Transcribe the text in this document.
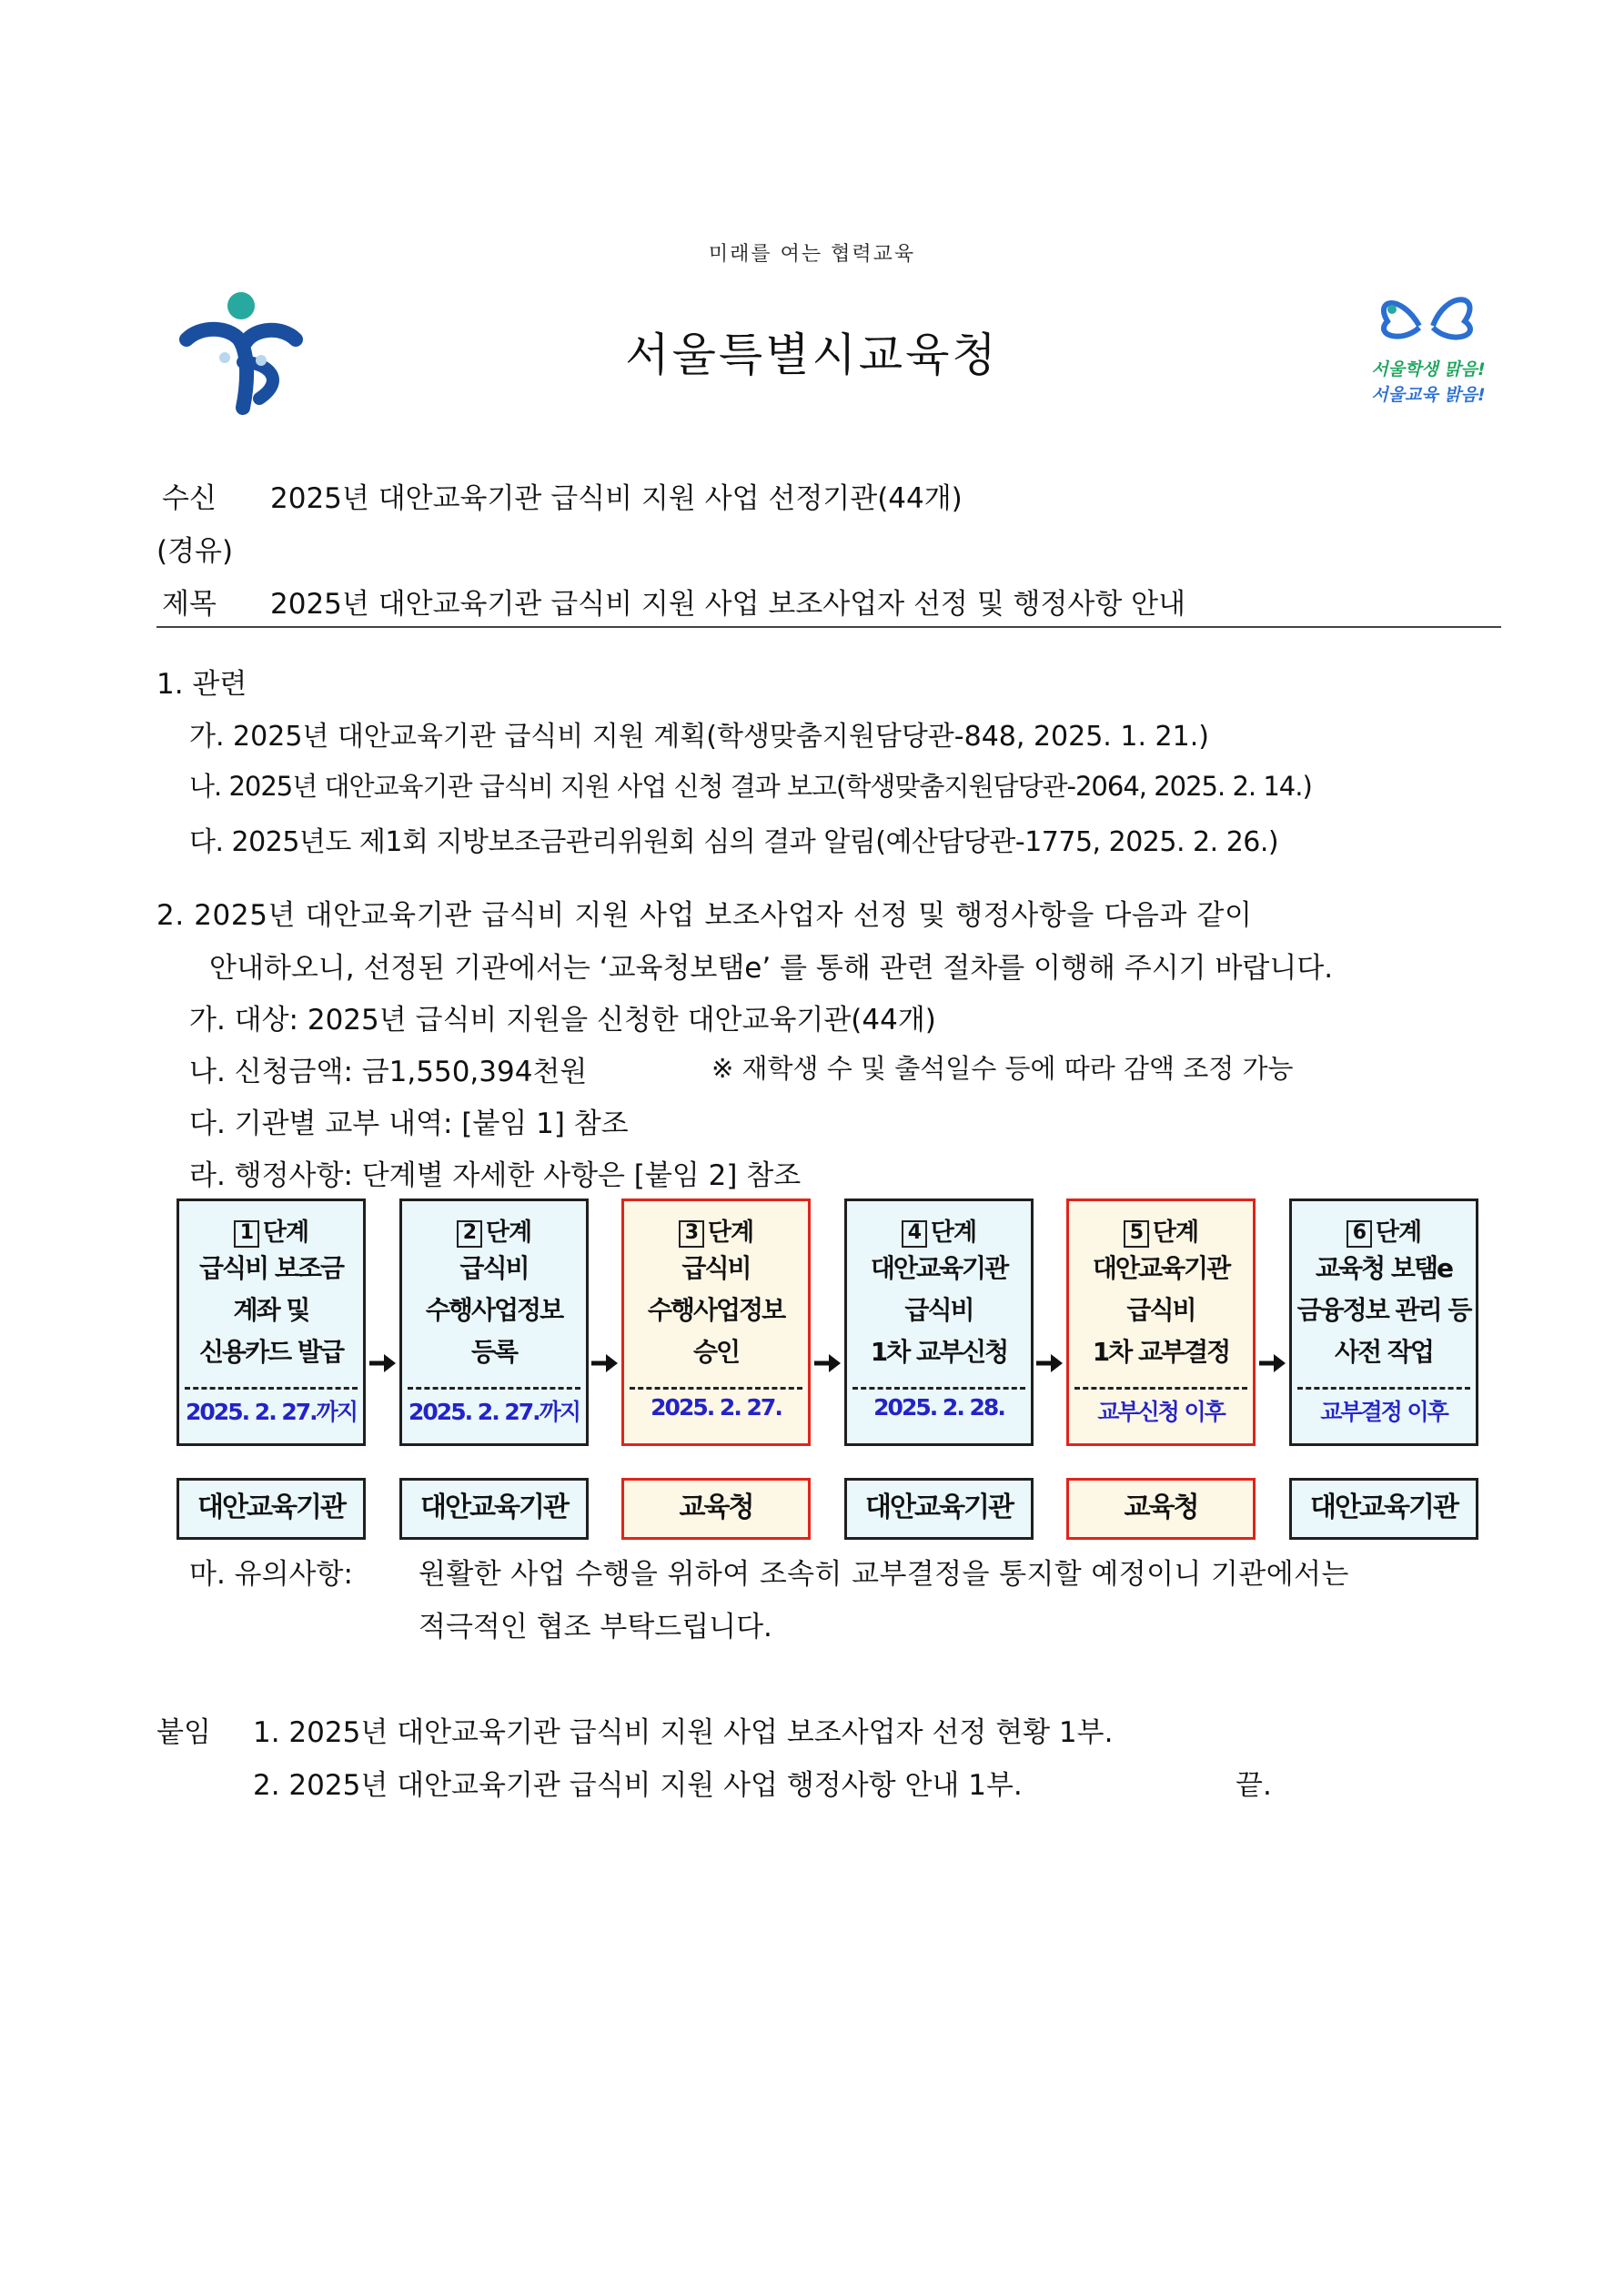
미래를 여는 협력교육
서울특별시교육청	서울학생 맑음!
서울교육 밝음!
수신 2025년 대안교육기관 급식비 지원 사업 선정기관(44개)
(경유)
제목 2025년 대안교육기관 급식비 지원 사업 보조사업자 선정 및 행정사항 안내
1. 관련
가. 2025년 대안교육기관 급식비 지원 계획(학생맞춤지원담당관-848, 2025. 1. 21.)
나. 2025년 대안교육기관 급식비 지원 사업 신청 결과 보고(학생맞춤지원담당관-2064, 2025. 2. 14.)
다. 2025년도 제1회 지방보조금관리위원회 심의 결과 알림(예산담당관-1775, 2025. 2. 26.)
2. 2025년 대안교육기관 급식비 지원 사업 보조사업자 선정 및 행정사항을 다음과 같이
안내하오니, 선정된 기관에서는 ‘교육청보탬e’ 를 통해 관련 절차를 이행해 주시기 바랍니다.
가. 대상: 2025년 급식비 지원을 신청한 대안교육기관(44개)
나. 신청금액: 금1,550,394천원	※ 재학생 수 및 출석일수 등에 따라 감액 조정 가능
다. 기관별 교부 내역: [붙임 1] 참조
라. 행정사항: 단계별 자세한 사항은 [붙임 2] 참조
1 단계
급식비 보조금
계좌 및
신용카드 발급
2025. 2. 27.까지
2 단계
급식비
수행사업정보
등록
2025. 2. 27.까지
3 단계
급식비
수행사업정보
승인
2025. 2. 27.
4 단계
대안교육기관
급식비
1차 교부신청
2025. 2. 28.
5 단계
대안교육기관
급식비
1차 교부결정
교부신청 이후
6 단계
교육청 보탬e
금융정보 관리 등
사전 작업
교부결정 이후
대안교육기관	대안교육기관	교육청	대안교육기관	교육청	대안교육기관
마. 유의사항: 원활한 사업 수행을 위하여 조속히 교부결정을 통지할 예정이니 기관에서는
적극적인 협조 부탁드립니다.
붙임 1. 2025년 대안교육기관 급식비 지원 사업 보조사업자 선정 현황 1부.
2. 2025년 대안교육기관 급식비 지원 사업 행정사항 안내 1부.	끝.
